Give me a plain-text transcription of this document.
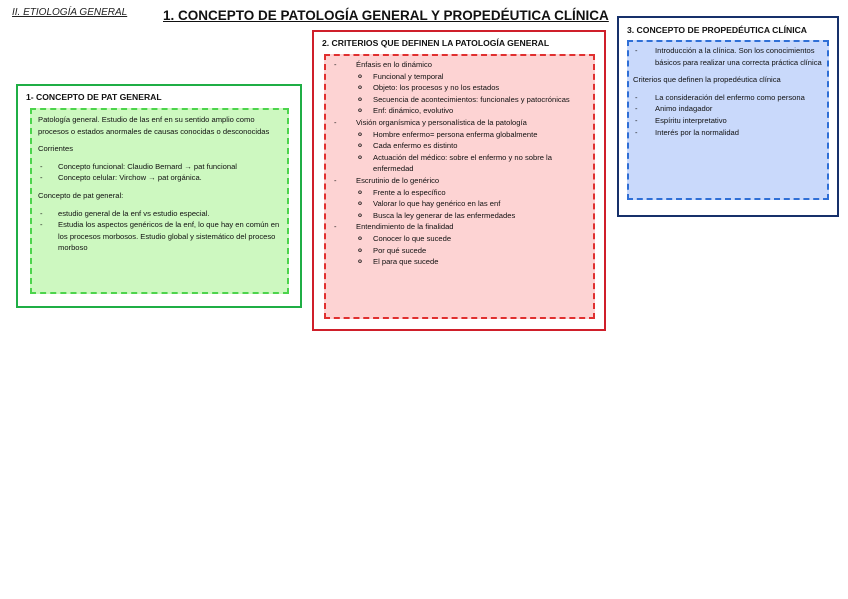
II. ETIOLOGÍA GENERAL	1. CONCEPTO DE PATOLOGÍA GENERAL Y PROPEDÉUTICA CLÍNICA
1- CONCEPTO DE PAT GENERAL

Patología general. Estudio de las enf en su sentido amplio como procesos o estados anormales de causas conocidas o desconocidas

Corrientes

- Concepto funcional: Claudio Bernard → pat funcional
- Concepto celular: Virchow → pat orgánica.

Concepto de pat general:

- estudio general de la enf vs estudio especial.
- Estudia los aspectos genéricos de la enf, lo que hay en común en los procesos morbosos. Estudio global y sistemático del proceso morboso
2. CRITERIOS QUE DEFINEN LA PATOLOGÍA GENERAL
-	Énfasis en lo dinámico
o Funcional y temporal
o Objeto: los procesos y no los estados
o Secuencia de acontecimientos: funcionales y patocrónicas
o Enf: dinámico, evolutivo
-	Visión organísmica y personalística de la patología
o Hombre enfermo= persona enferma globalmente
o Cada enfermo es distinto
o Actuación del médico: sobre el enfermo y no sobre la enfermedad
-	Escrutinio de lo genérico
o Frente a lo específico
o Valorar lo que hay genérico en las enf
o Busca la ley generar de las enfermedades
-	Entendimiento de la finalidad
o Conocer lo que sucede
o Por qué sucede
o El para que sucede
3. CONCEPTO DE PROPEDÉUTICA CLÍNICA
- Introducción a la clínica. Son los conocimientos básicos para realizar una correcta práctica clínica

Criterios que definen la propedéutica clínica

- La consideración del enfermo como persona
- Animo indagador
- Espíritu interpretativo
- Interés por la normalidad
